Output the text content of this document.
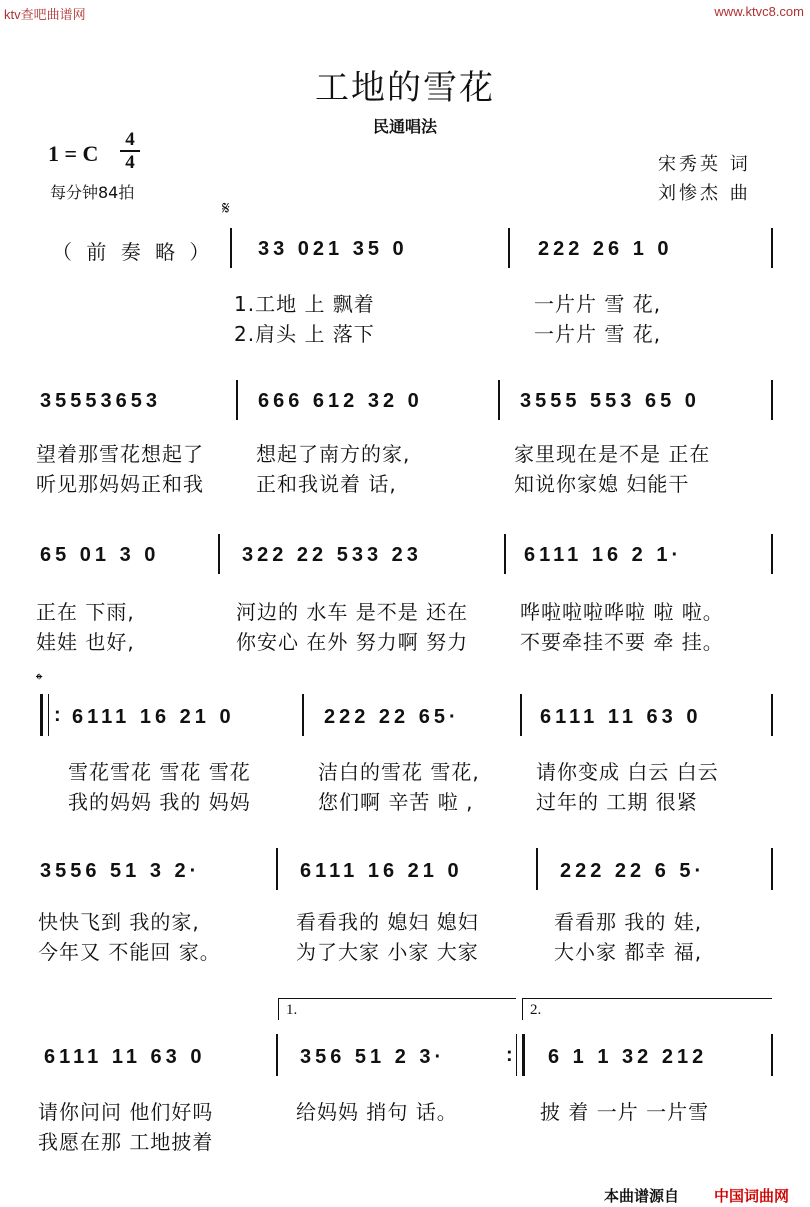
ktv查吧曲谱网	www.ktvc8.com
工地的雪花
民通唱法
1 = C
4
4
每分钟84拍
宋秀英 词
刘惨杰 曲
𝄋
（ 前 奏 略 ） 33 021 35 0	222 26 1 0
1.工地 上 飘着	一片片 雪 花,
2.肩头 上 落下	一片片 雪 花,
35553653	666 612 32 0	3555 553 65 0
望着那雪花想起了	想起了南方的家,	家里现在是不是 正在
听见那妈妈正和我	正和我说着 话,	知说你家媳 妇能干
65 01 3 0	322 22 533 23	6111 16 2 1·
正在 下雨,	河边的 水车 是不是 还在	哗啦啦啦哗啦 啦 啦。
娃娃 也好,	你安心 在外 努力啊 努力	不要牵挂不要 牵 挂。
𝄌
: 6111 16 21 0	222 22 65·	6111 11 63 0
雪花雪花 雪花 雪花	洁白的雪花 雪花,	请你变成 白云 白云
我的妈妈 我的 妈妈	您们啊 辛苦 啦 ,	过年的 工期 很紧
3556 51 3 2·	6111 16 21 0	222 22 6 5·
快快飞到 我的家,	看看我的 媳妇 媳妇	看看那 我的 娃,
今年又 不能回 家。	为了大家 小家 大家	大小家 都幸 福,
1.	2.
6111 11 63 0	356 51 2 3·	: 6 1 1 32 212
请你问问 他们好吗	给妈妈 捎句 话。	披 着 一片 一片雪
我愿在那 工地披着
本曲谱源自 中国词曲网
